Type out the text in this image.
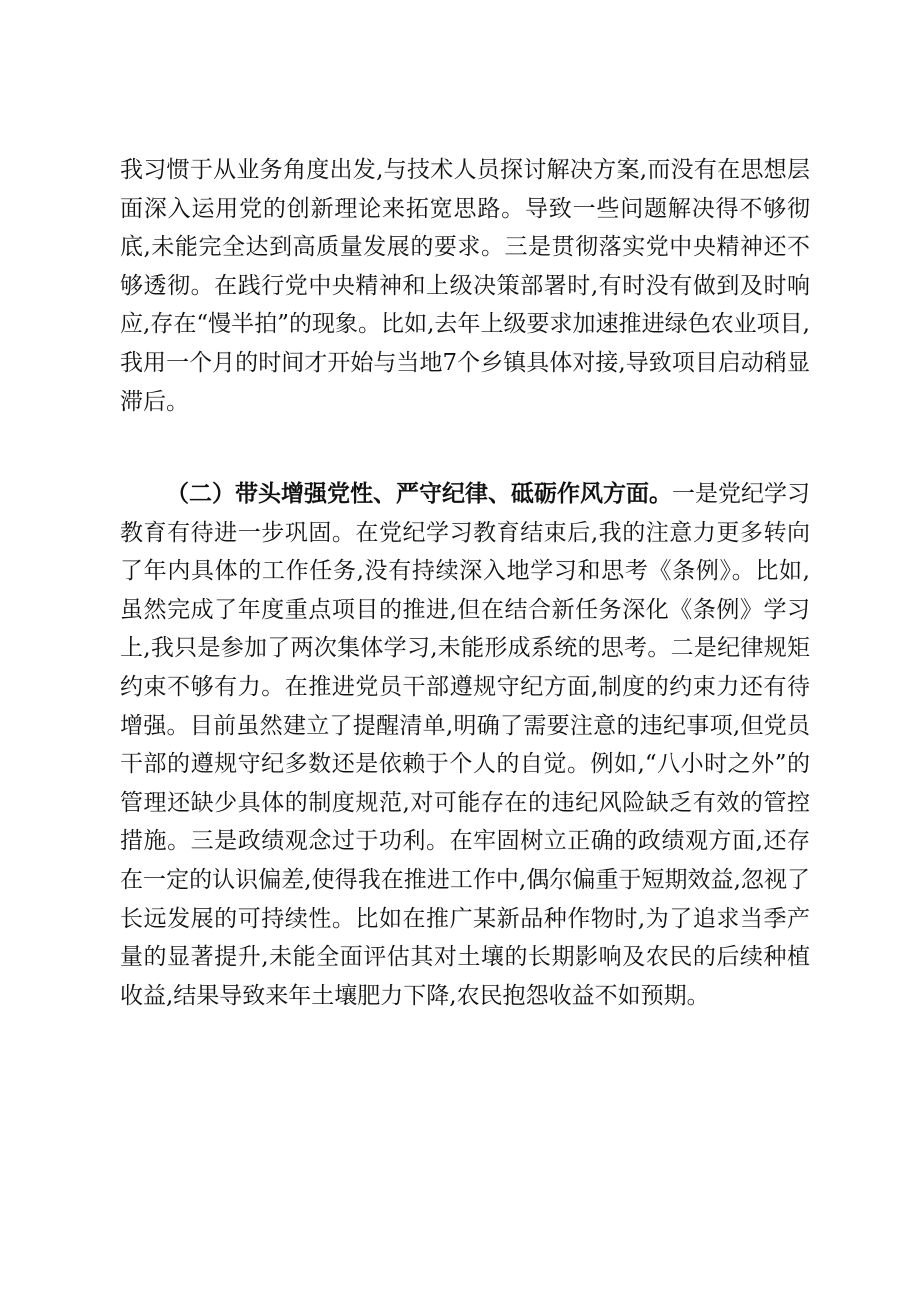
我习惯于从业务角度出发,与技术人员探讨解决方案,而没有在思想层面深入运用党的创新理论来拓宽思路。导致一些问题解决得不够彻底,未能完全达到高质量发展的要求。三是贯彻落实党中央精神还不够透彻。在践行党中央精神和上级决策部署时,有时没有做到及时响应,存在“慢半拍”的现象。比如,去年上级要求加速推进绿色农业项目,我用一个月的时间才开始与当地7个乡镇具体对接,导致项目启动稍显滞后。

（二）带头增强党性、严守纪律、砥砺作风方面。一是党纪学习教育有待进一步巩固。在党纪学习教育结束后,我的注意力更多转向了年内具体的工作任务,没有持续深入地学习和思考《条例》。比如,虽然完成了年度重点项目的推进,但在结合新任务深化《条例》学习上,我只是参加了两次集体学习,未能形成系统的思考。二是纪律规矩约束不够有力。在推进党员干部遵规守纪方面,制度的约束力还有待增强。目前虽然建立了提醒清单,明确了需要注意的违纪事项,但党员干部的遵规守纪多数还是依赖于个人的自觉。例如,“八小时之外”的管理还缺少具体的制度规范,对可能存在的违纪风险缺乏有效的管控措施。三是政绩观念过于功利。在牢固树立正确的政绩观方面,还存在一定的认识偏差,使得我在推进工作中,偶尔偏重于短期效益,忽视了长远发展的可持续性。比如在推广某新品种作物时,为了追求当季产量的显著提升,未能全面评估其对土壤的长期影响及农民的后续种植收益,结果导致来年土壤肥力下降,农民抱怨收益不如预期。
